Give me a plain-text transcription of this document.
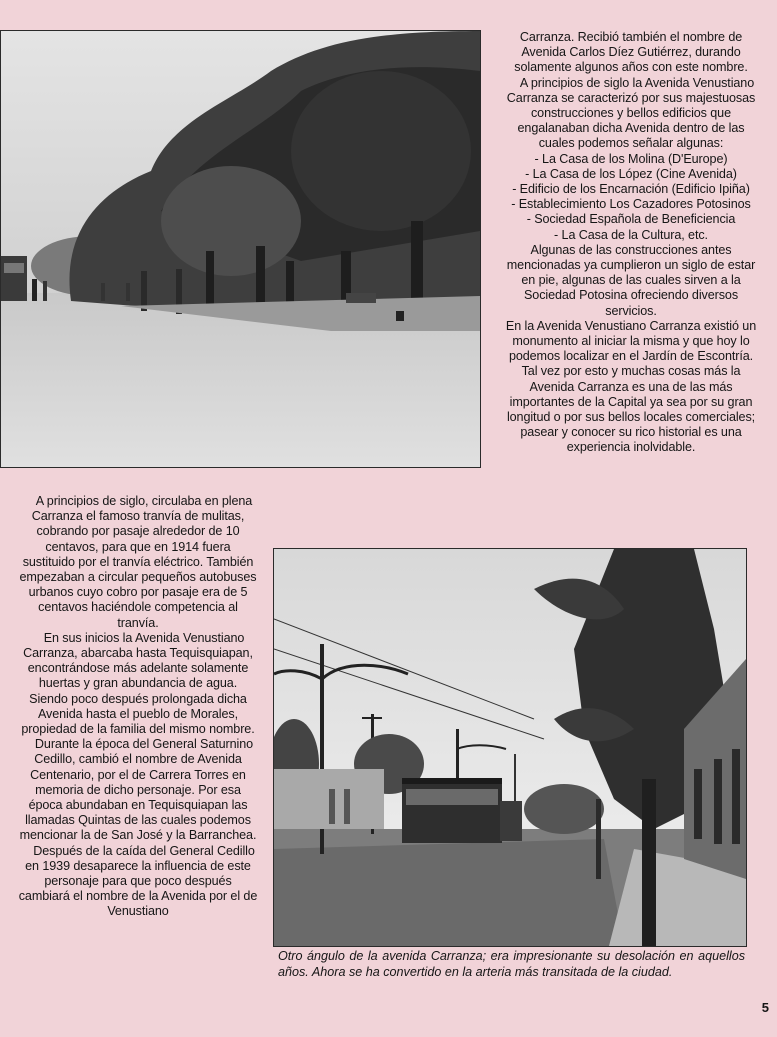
Carranza. Recibió también el nombre de Avenida Carlos Díez Gutiérrez, durando solamente algunos años con este nombre.

A principios de siglo la Avenida Venustiano Carranza se caracterizó por sus majestuosas construcciones y bellos edificios que engalanaban dicha Avenida dentro de las cuales podemos señalar algunas:

- La Casa de los Molina (D'Europe)

- La Casa de los López (Cine Avenida)

- Edificio de los Encarnación (Edificio Ipiña)

- Establecimiento Los Cazadores Potosinos

- Sociedad Española de Beneficiencia

- La Casa de la Cultura, etc.

Algunas de las construcciones antes mencionadas ya cumplieron un siglo de estar en pie, algunas de las cuales sirven a la Sociedad Potosina ofreciendo diversos servicios.

En la Avenida Venustiano Carranza existió un monumento al iniciar la misma y que hoy lo podemos localizar en el Jardín de Escontría. Tal vez por esto y muchas cosas más la Avenida Carranza es una de las más importantes de la Capital ya sea por su gran longitud o por sus bellos locales comerciales; pasear y conocer su rico historial es una experiencia inolvidable.

A principios de siglo, circulaba en plena Carranza el famoso tranvía de mulitas, cobrando por pasaje alrededor de 10 centavos, para que en 1914 fuera sustituido por el tranvía eléctrico. También empezaban a circular pequeños autobuses urbanos cuyo cobro por pasaje era de 5 centavos haciéndole competencia al tranvía.

En sus inicios la Avenida Venustiano Carranza, abarcaba hasta Tequisquiapan, encontrándose más adelante solamente huertas y gran abundancia de agua. Siendo poco después prolongada dicha Avenida hasta el pueblo de Morales, propiedad de la familia del mismo nombre.

Durante la época del General Saturnino Cedillo, cambió el nombre de Avenida Centenario, por el de Carrera Torres en memoria de dicho personaje. Por esa época abundaban en Tequisquiapan las llamadas Quintas de las cuales podemos mencionar la de San José y la Barranchea.

Después de la caída del General Cedillo en 1939 desaparece la influencia de este personaje para que poco después cambiará el nombre de la Avenida por el de Venustiano

Otro ángulo de la avenida Carranza; era impresionante su desolación en aquellos años. Ahora se ha convertido en la arteria más transitada de la ciudad.
5
